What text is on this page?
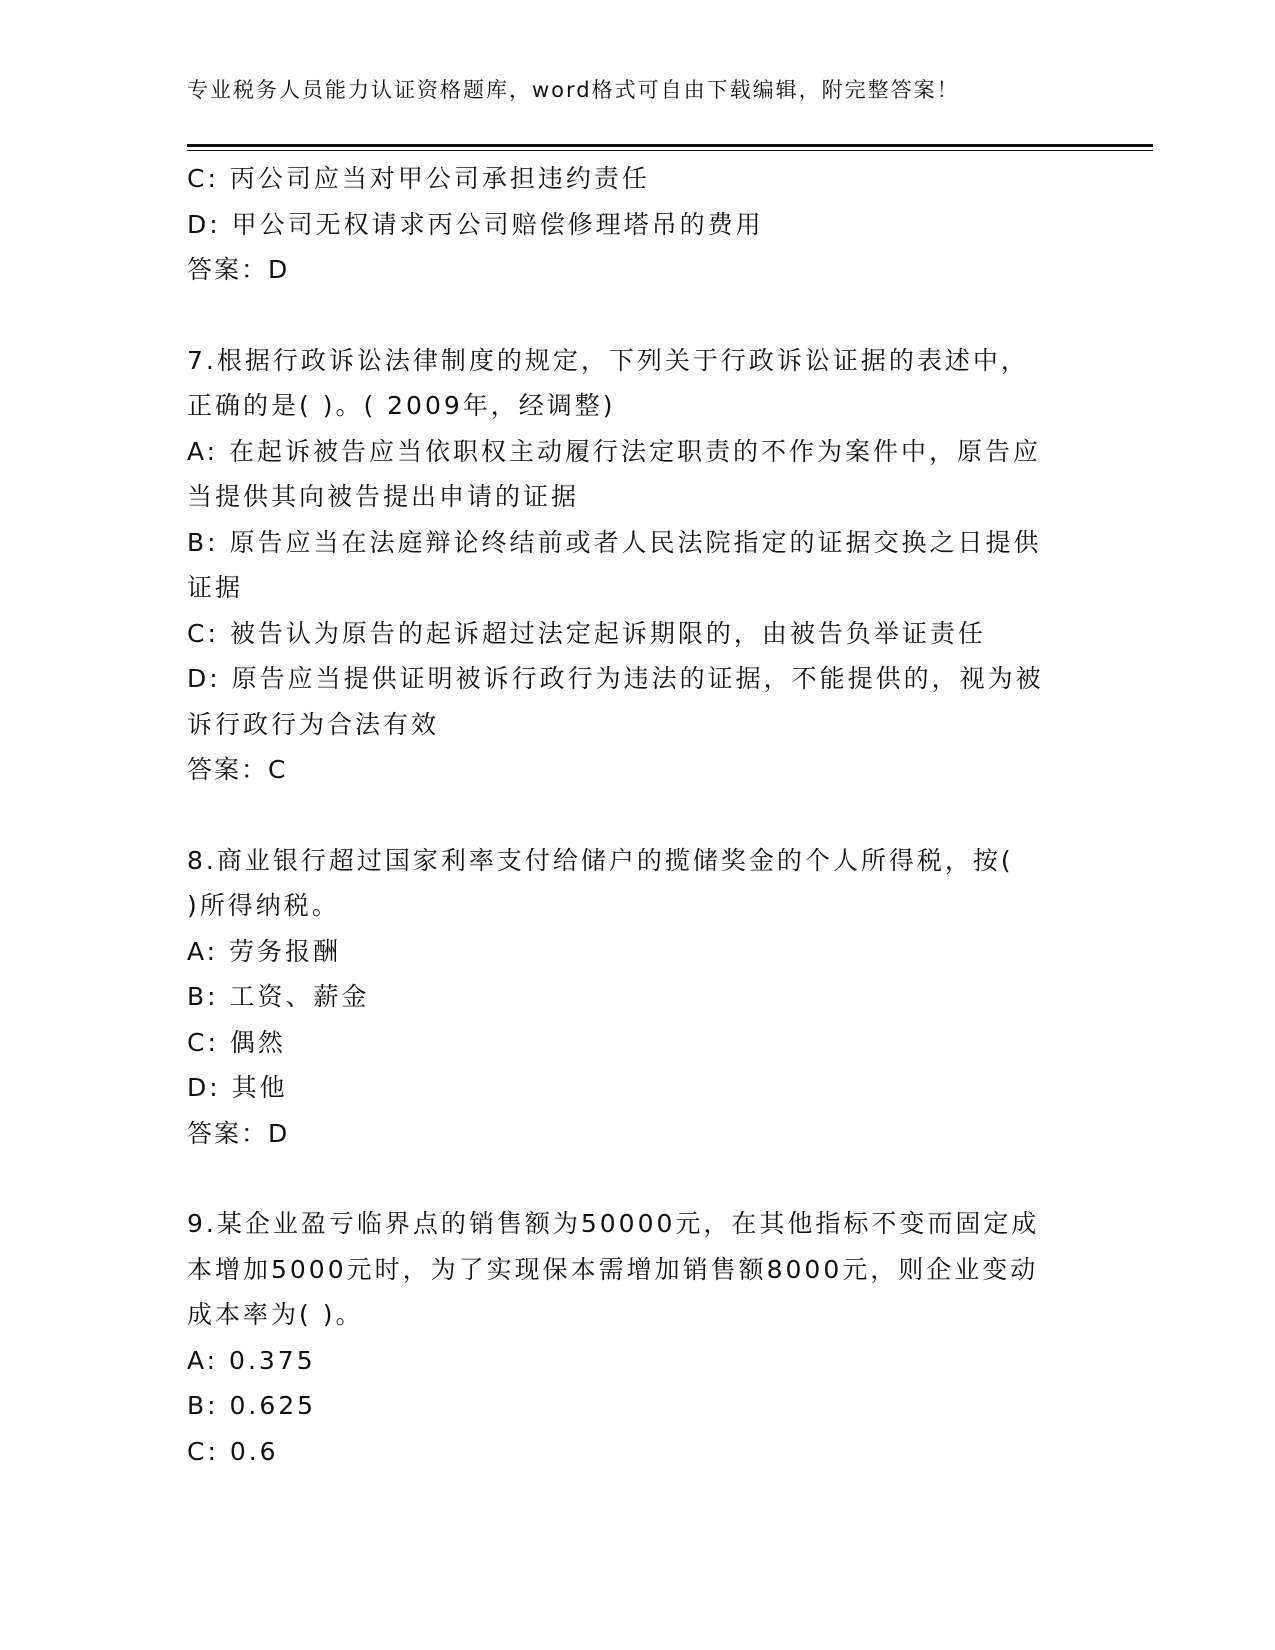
专业税务人员能力认证资格题库，word格式可自由下载编辑，附完整答案！
C: 丙公司应当对甲公司承担违约责任
D: 甲公司无权请求丙公司赔偿修理塔吊的费用
答案：D
7.根据行政诉讼法律制度的规定，下列关于行政诉讼证据的表述中，
正确的是( )。( 2009年，经调整)
A: 在起诉被告应当依职权主动履行法定职责的不作为案件中，原告应
当提供其向被告提出申请的证据
B: 原告应当在法庭辩论终结前或者人民法院指定的证据交换之日提供
证据
C: 被告认为原告的起诉超过法定起诉期限的，由被告负举证责任
D: 原告应当提供证明被诉行政行为违法的证据，不能提供的，视为被
诉行政行为合法有效
答案：C
8.商业银行超过国家利率支付给储户的揽储奖金的个人所得税，按(
)所得纳税。
A: 劳务报酬
B: 工资、薪金
C: 偶然
D: 其他
答案：D
9.某企业盈亏临界点的销售额为50000元，在其他指标不变而固定成
本增加5000元时，为了实现保本需增加销售额8000元，则企业变动
成本率为( )。
A: 0.375
B: 0.625
C: 0.6
